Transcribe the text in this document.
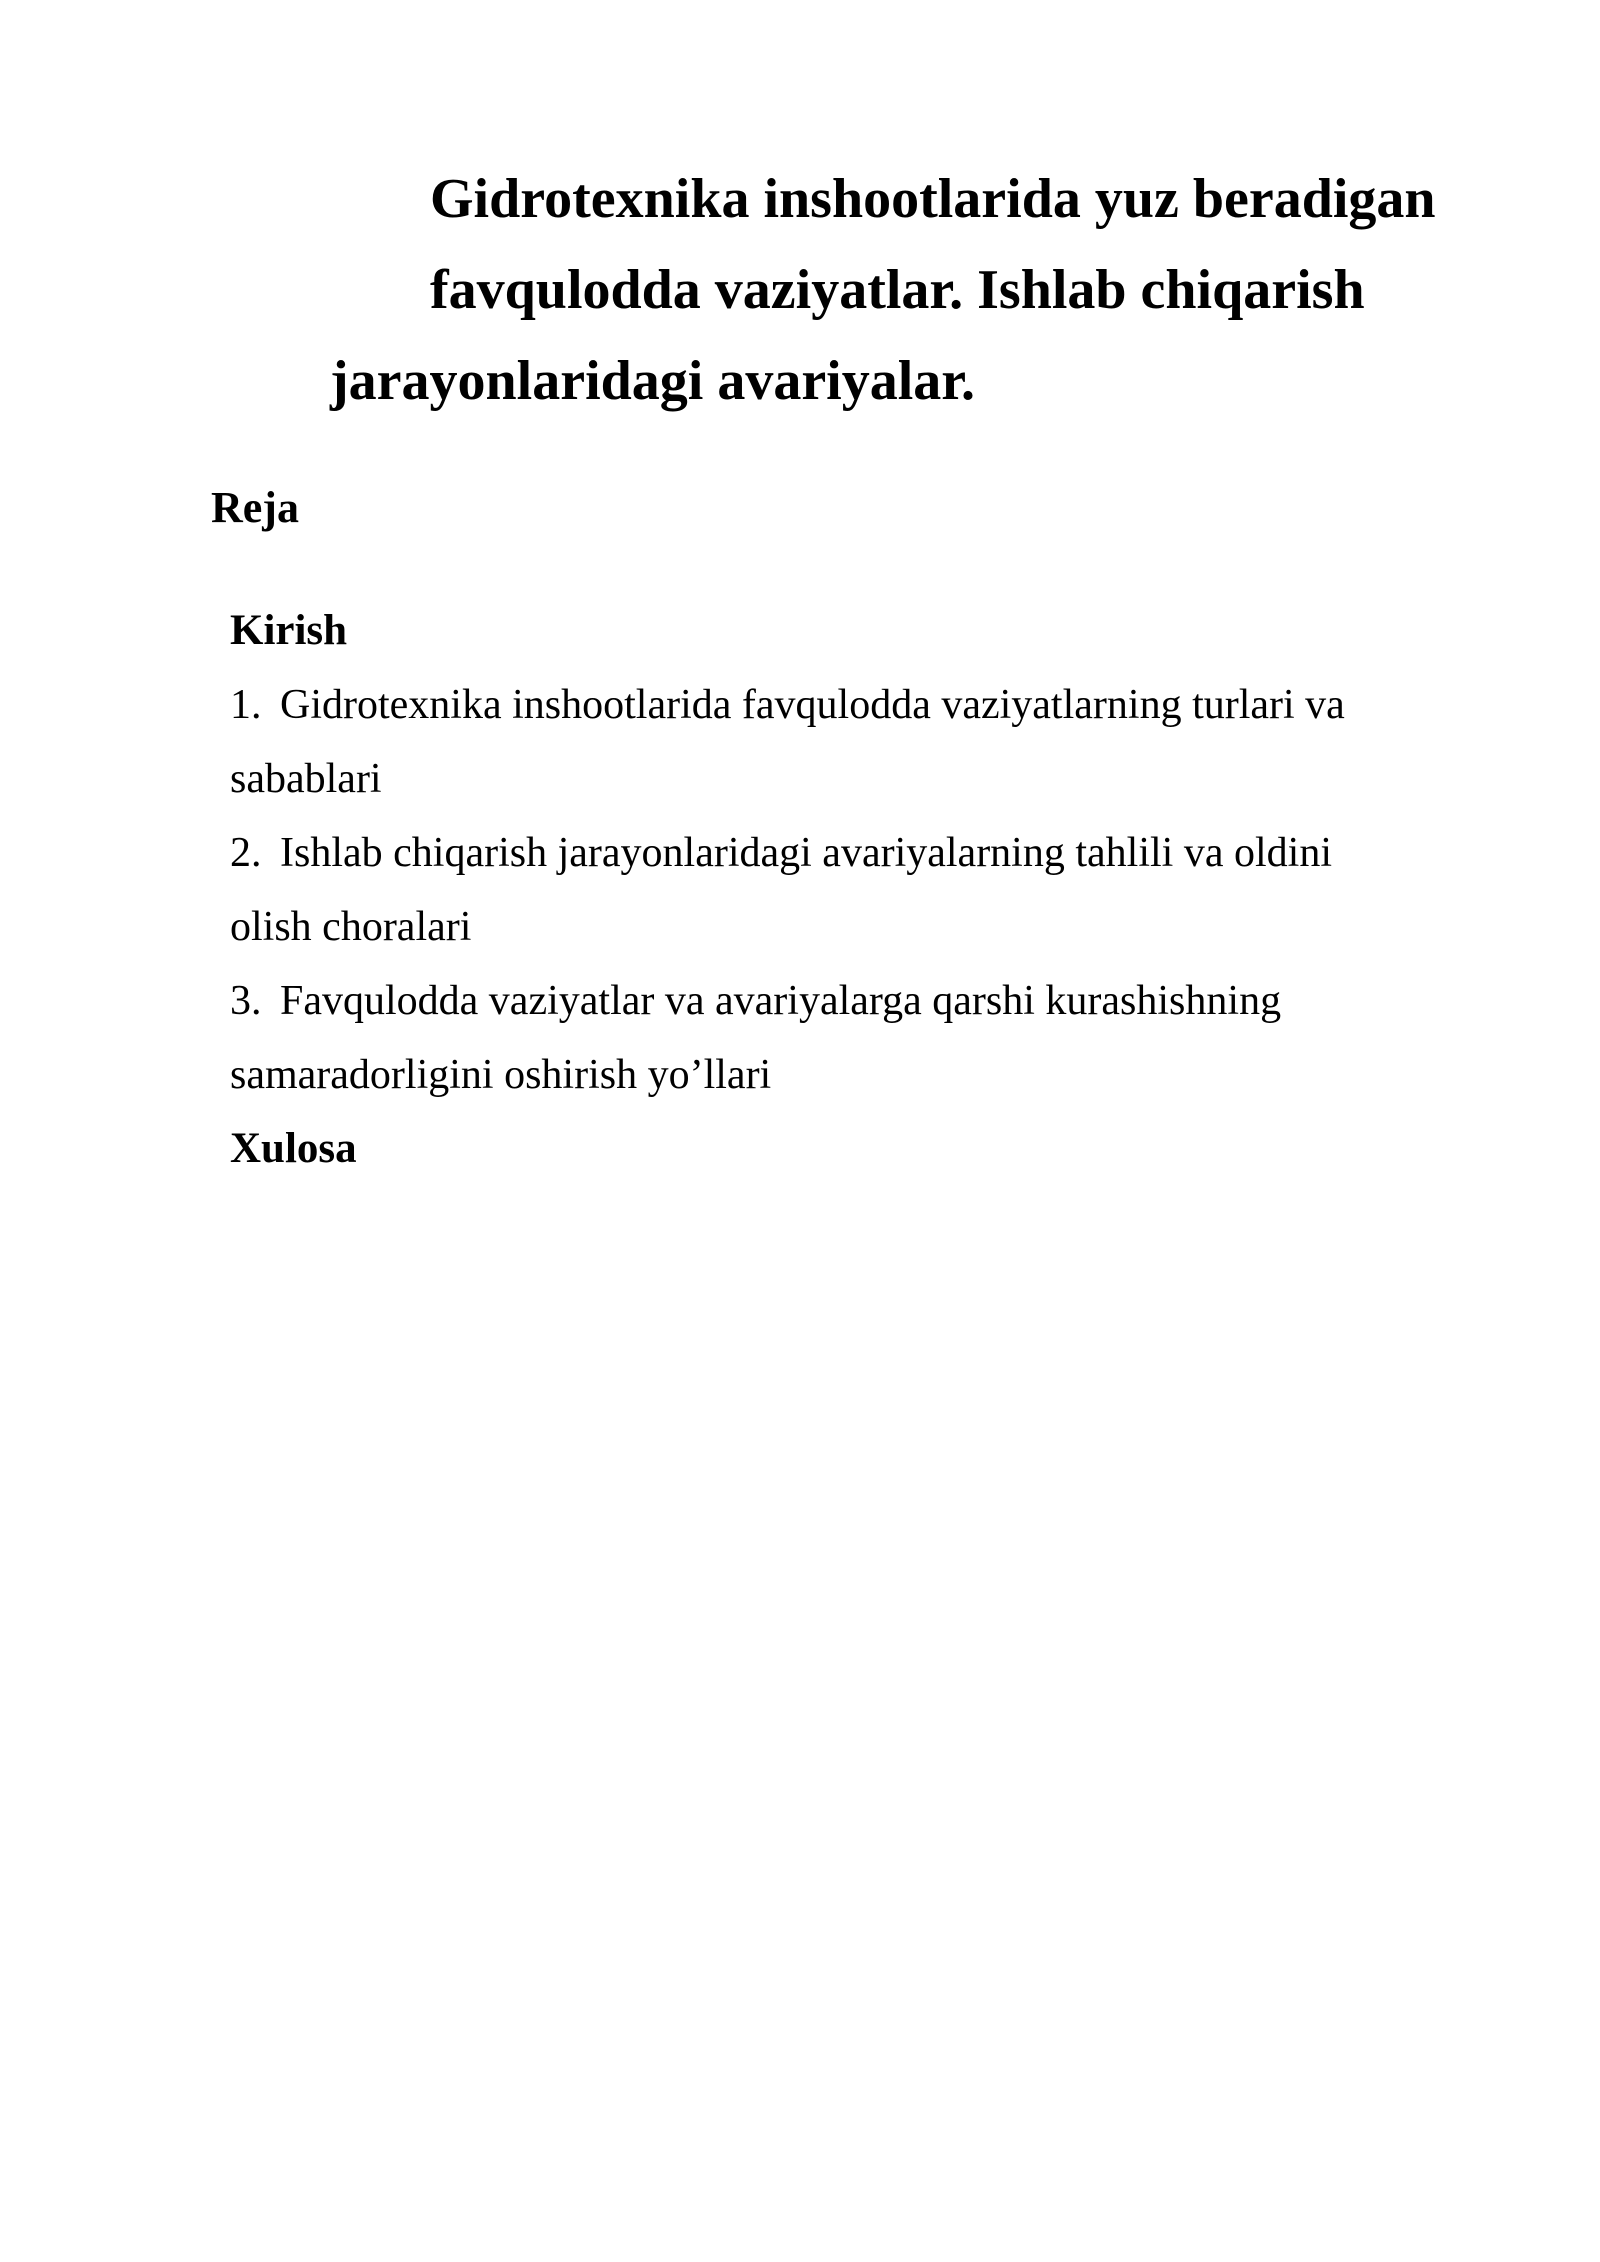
Gidrotexnika inshootlarida yuz beradigan
favqulodda vaziyatlar. Ishlab chiqarish
jarayonlaridagi avariyalar.
Reja
Kirish
1. Gidrotexnika inshootlarida favqulodda vaziyatlarning turlari va
sabablari
2. Ishlab chiqarish jarayonlaridagi avariyalarning tahlili va oldini
olish choralari
3. Favqulodda vaziyatlar va avariyalarga qarshi kurashishning
samaradorligini oshirish yo’llari
Xulosa
